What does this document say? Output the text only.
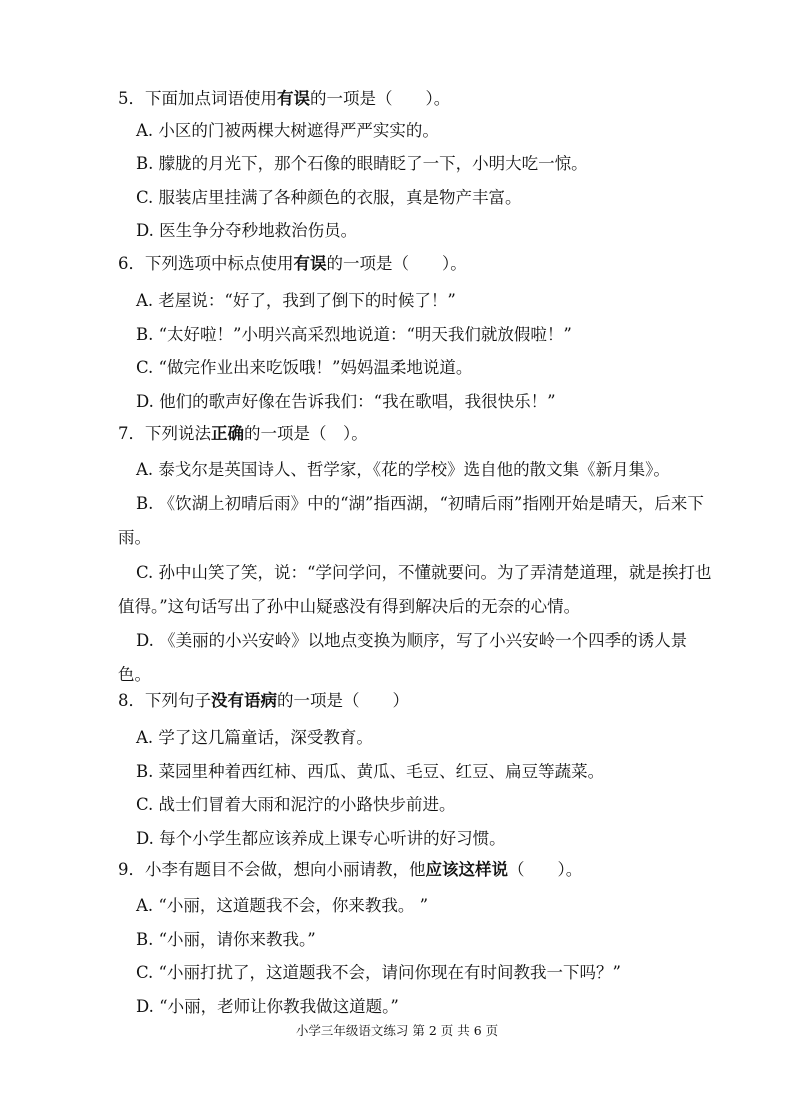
5．下面加点词语使用有误的一项是（　　）。
A. 小区的门被两棵大树遮得严严实实的。
B. 朦胧的月光下，那个石像的眼睛眨了一下，小明大吃一惊。
C. 服装店里挂满了各种颜色的衣服，真是物产丰富。
D. 医生争分夺秒地救治伤员。
6．下列选项中标点使用有误的一项是（　　）。
A. 老屋说：“好了，我到了倒下的时候了！”
B. “太好啦！”小明兴高采烈地说道：“明天我们就放假啦！”
C. “做完作业出来吃饭哦！”妈妈温柔地说道。
D. 他们的歌声好像在告诉我们：“我在歌唱，我很快乐！”
7．下列说法正确的一项是（　）。
A. 泰戈尔是英国诗人、哲学家，《花的学校》选自他的散文集《新月集》。
B. 《饮湖上初晴后雨》中的“湖”指西湖，“初晴后雨”指刚开始是晴天，后来下雨。
C. 孙中山笑了笑，说：“学问学问，不懂就要问。为了弄清楚道理，就是挨打也值得。”这句话写出了孙中山疑惑没有得到解决后的无奈的心情。
D. 《美丽的小兴安岭》以地点变换为顺序，写了小兴安岭一个四季的诱人景色。
8．下列句子没有语病的一项是（　　）
A. 学了这几篇童话，深受教育。
B. 菜园里种着西红柿、西瓜、黄瓜、毛豆、红豆、扁豆等蔬菜。
C. 战士们冒着大雨和泥泞的小路快步前进。
D. 每个小学生都应该养成上课专心听讲的好习惯。
9．小李有题目不会做，想向小丽请教，他应该这样说（　　）。
A. “小丽，这道题我不会，你来教我。 ”
B. “小丽，请你来教我。”
C. “小丽打扰了，这道题我不会，请问你现在有时间教我一下吗？”
D. “小丽，老师让你教我做这道题。”
小学三年级语文练习 第 2 页 共 6 页
